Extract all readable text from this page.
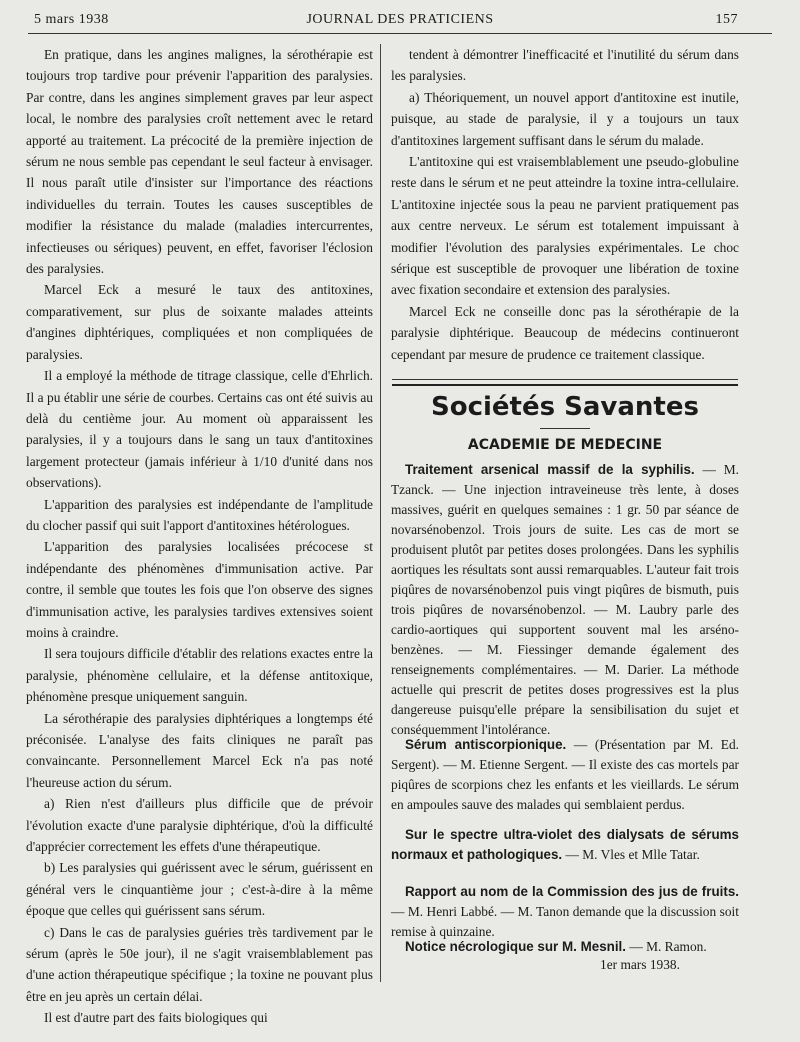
5 mars 1938	JOURNAL DES PRATICIENS	157

En pratique, dans les angines malignes, la sérothérapie est toujours trop tardive pour prévenir l'apparition des paralysies. Par contre, dans les angines simplement graves par leur aspect local, le nombre des paralysies croît nettement avec le retard apporté au traitement. La précocité de la première injection de sérum ne nous semble pas cependant le seul facteur à envisager. Il nous paraît utile d'insister sur l'importance des réactions individuelles du terrain. Toutes les causes susceptibles de modifier la résistance du malade (maladies intercurrentes, infectieuses ou sériques) peuvent, en effet, favoriser l'éclosion des paralysies.

Marcel Eck a mesuré le taux des antitoxines, comparativement, sur plus de soixante malades atteints d'angines diphtériques, compliquées et non compliquées de paralysies.

Il a employé la méthode de titrage classique, celle d'Ehrlich. Il a pu établir une série de courbes. Certains cas ont été suivis au delà du centième jour. Au moment où apparaissent les paralysies, il y a toujours dans le sang un taux d'antitoxines largement protecteur (jamais inférieur à 1/10 d'unité dans nos observations).

L'apparition des paralysies est indépendante de l'amplitude du clocher passif qui suit l'apport d'antitoxines hétérologues.

L'apparition des paralysies localisées précocese st indépendante des phénomènes d'immunisation active. Par contre, il semble que toutes les fois que l'on observe des signes d'immunisation active, les paralysies tardives extensives soient moins à craindre.

Il sera toujours difficile d'établir des relations exactes entre la paralysie, phénomène cellulaire, et la défense antitoxique, phénomène presque uniquement sanguin.

La sérothérapie des paralysies diphtériques a longtemps été préconisée. L'analyse des faits cliniques ne paraît pas convaincante. Personnellement Marcel Eck n'a pas noté l'heureuse action du sérum.

a) Rien n'est d'ailleurs plus difficile que de prévoir l'évolution exacte d'une paralysie diphtérique, d'où la difficulté d'apprécier correctement les effets d'une thérapeutique.

b) Les paralysies qui guérissent avec le sérum, guérissent en général vers le cinquantième jour ; c'est-à-dire à la même époque que celles qui guérissent sans sérum.

c) Dans le cas de paralysies guéries très tardivement par le sérum (après le 50e jour), il ne s'agit vraisemblablement pas d'une action thérapeutique spécifique ; la toxine ne pouvant plus être en jeu après un certain délai.

Il est d'autre part des faits biologiques qui

tendent à démontrer l'inefficacité et l'inutilité du sérum dans les paralysies.

a) Théoriquement, un nouvel apport d'antitoxine est inutile, puisque, au stade de paralysie, il y a toujours un taux d'antitoxines largement suffisant dans le sérum du malade.

L'antitoxine qui est vraisemblablement une pseudo-globuline reste dans le sérum et ne peut atteindre la toxine intra-cellulaire. L'antitoxine injectée sous la peau ne parvient pratiquement pas aux centre nerveux. Le sérum est totalement impuissant à modifier l'évolution des paralysies expérimentales. Le choc sérique est susceptible de provoquer une libération de toxine avec fixation secondaire et extension des paralysies.

Marcel Eck ne conseille donc pas la sérothérapie de la paralysie diphtérique. Beaucoup de médecins continueront cependant par mesure de prudence ce traitement classique.

Sociétés Savantes
ACADEMIE DE MEDECINE

Traitement arsenical massif de la syphilis. — M. Tzanck. — Une injection intraveineuse très lente, à doses massives, guérit en quelques semaines : 1 gr. 50 par séance de novarsénobenzol. Trois jours de suite. Les cas de mort se produisent plutôt par petites doses prolongées. Dans les syphilis aortiques les résultats sont aussi remarquables. L'auteur fait trois piqûres de novarsénobenzol puis vingt piqûres de bismuth, puis trois piqûres de novarsénobenzol. — M. Laubry parle des cardio-aortiques qui supportent souvent mal les arséno-benzènes. — M. Fiessinger demande également des renseignements complémentaires. — M. Darier. La méthode actuelle qui prescrit de petites doses progressives est la plus dangereuse puisqu'elle prépare la sensibilisation du sujet et conséquemment l'intolérance.

Sérum antiscorpionique. — (Présentation par M. Ed. Sergent). — M. Etienne Sergent. — Il existe des cas mortels par piqûres de scorpions chez les enfants et les vieillards. Le sérum en ampoules sauve des malades qui semblaient perdus.

Sur le spectre ultra-violet des dialysats de sérums normaux et pathologiques. — M. Vles et Mlle Tatar.

Rapport au nom de la Commission des jus de fruits. — M. Henri Labbé. — M. Tanon demande que la discussion soit remise à quinzaine.

Notice nécrologique sur M. Mesnil. — M. Ramon.

1er mars 1938.
